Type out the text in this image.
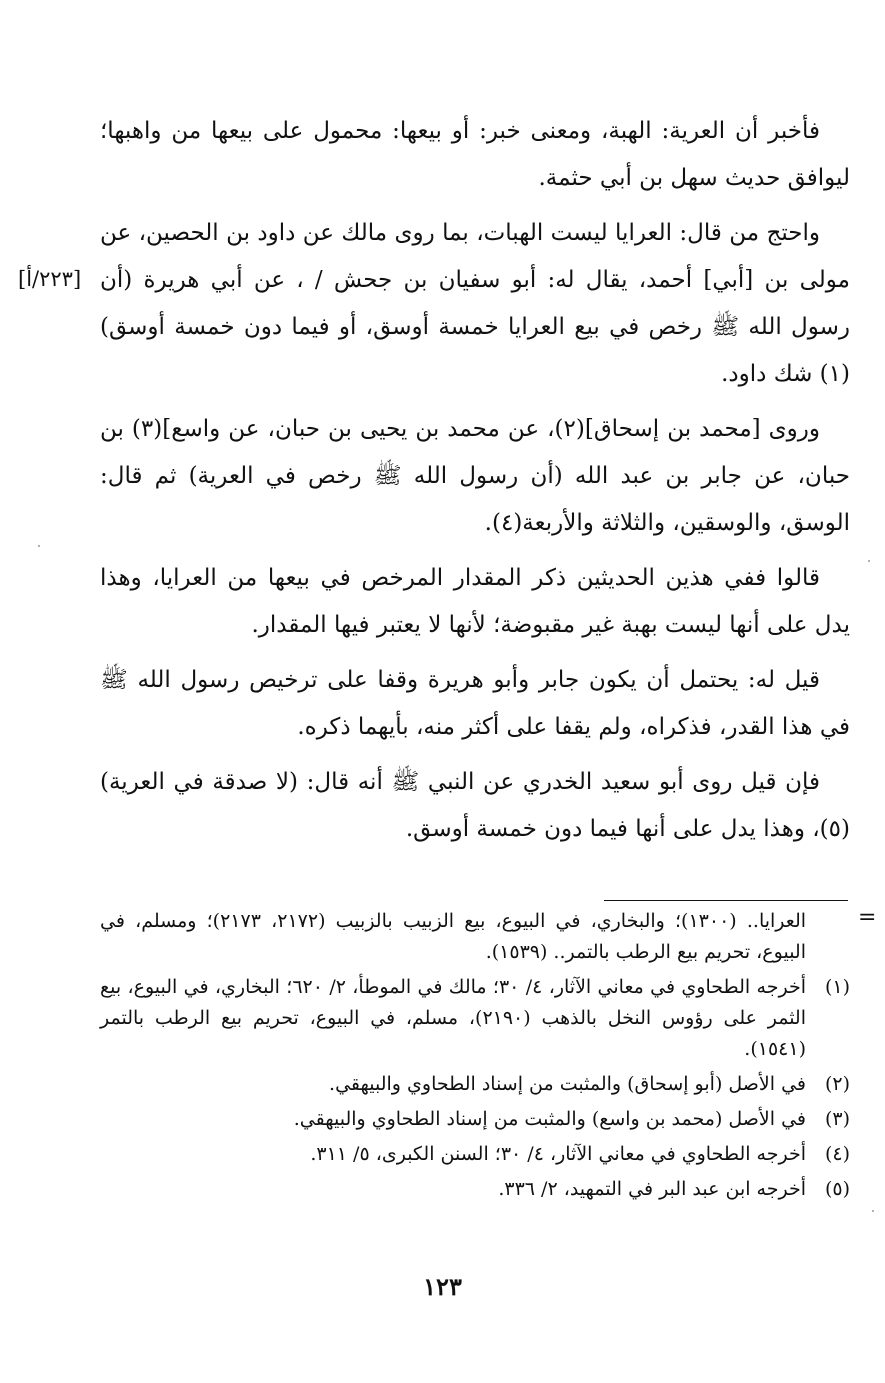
فأخبر أن العرية: الهبة، ومعنى خبر: أو بيعها: محمول على بيعها من واهبها؛ ليوافق حديث سهل بن أبي حثمة.

واحتج من قال: العرايا ليست الهبات، بما روى مالك عن داود بن الحصين، عن مولى بن [أبي] أحمد، يقال له: أبو سفيان بن جحش / ، عن أبي هريرة (أن رسول الله ﷺ رخص في بيع العرايا خمسة أوسق، أو فيما دون خمسة أوسق)(١) شك داود.

وروى [محمد بن إسحاق](٢)، عن محمد بن يحيى بن حبان، عن واسع](٣) بن حبان، عن جابر بن عبد الله (أن رسول الله ﷺ رخص في العرية) ثم قال: الوسق، والوسقين، والثلاثة والأربعة(٤).

قالوا ففي هذين الحديثين ذكر المقدار المرخص في بيعها من العرايا، وهذا يدل على أنها ليست بهبة غير مقبوضة؛ لأنها لا يعتبر فيها المقدار.

قيل له: يحتمل أن يكون جابر وأبو هريرة وقفا على ترخيص رسول الله ﷺ في هذا القدر، فذكراه، ولم يقفا على أكثر منه، بأيهما ذكره.

فإن قيل روى أبو سعيد الخدري عن النبي ﷺ أنه قال: (لا صدقة في العرية)(٥)، وهذا يدل على أنها فيما دون خمسة أوسق.

[٢٢٣/أ]
=
العرايا.. (١٣٠٠)؛ والبخاري، في البيوع، بيع الزبيب بالزبيب (٢١٧٢، ٢١٧٣)؛ ومسلم، في البيوع، تحريم بيع الرطب بالتمر.. (١٥٣٩).
(١)
أخرجه الطحاوي في معاني الآثار، ٤/ ٣٠؛ مالك في الموطأ، ٢/ ٦٢٠؛ البخاري، في البيوع، بيع الثمر على رؤوس النخل بالذهب (٢١٩٠)، مسلم، في البيوع، تحريم بيع الرطب بالتمر (١٥٤١).
(٢)
في الأصل (أبو إسحاق) والمثبت من إسناد الطحاوي والبيهقي.
(٣)
في الأصل (محمد بن واسع) والمثبت من إسناد الطحاوي والبيهقي.
(٤)
أخرجه الطحاوي في معاني الآثار، ٤/ ٣٠؛ السنن الكبرى، ٥/ ٣١١.
(٥)
أخرجه ابن عبد البر في التمهيد، ٢/ ٣٣٦.
١٢٣
